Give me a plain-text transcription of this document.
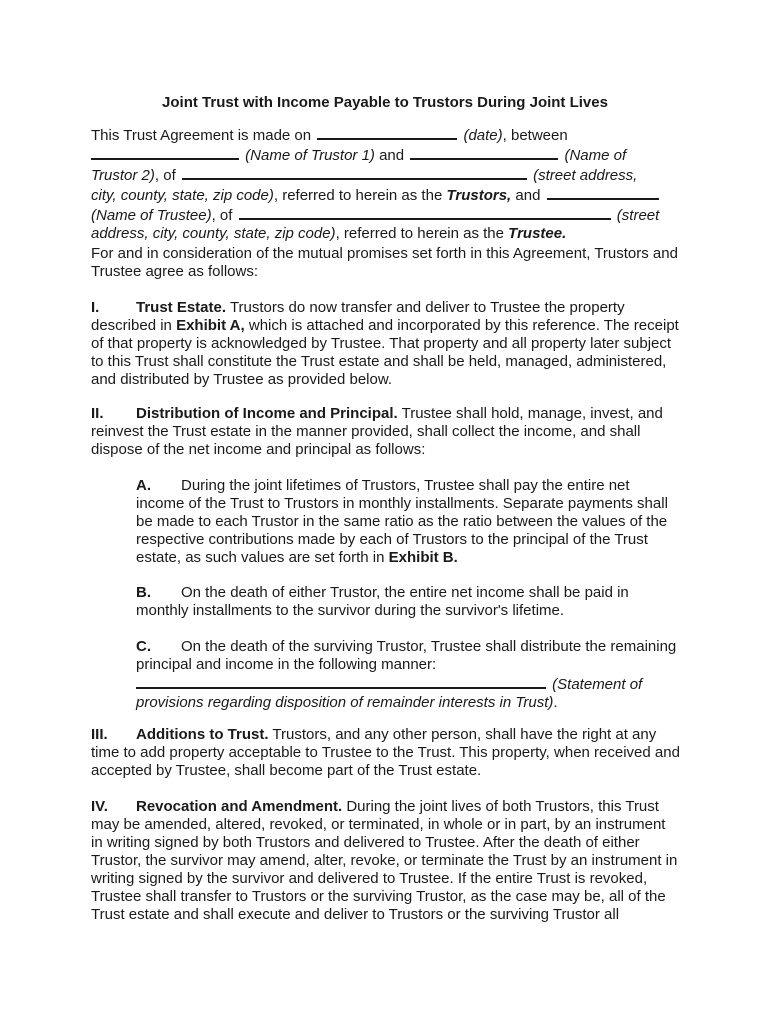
Joint Trust with Income Payable to Trustors During Joint Lives
This Trust Agreement is made on	(date), between
(Name of Trustor 1) and	(Name of
Trustor 2), of	(street address,
city, county, state, zip code), referred to herein as the Trustors, and
(Name of Trustee), of	(street
address, city, county, state, zip code), referred to herein as the Trustee.
For and in consideration of the mutual promises set forth in this Agreement, Trustors and Trustee agree as follows:
I. Trust Estate. Trustors do now transfer and deliver to Trustee the property described in Exhibit A, which is attached and incorporated by this reference. The receipt of that property is acknowledged by Trustee. That property and all property later subject to this Trust shall constitute the Trust estate and shall be held, managed, administered, and distributed by Trustee as provided below.
II. Distribution of Income and Principal. Trustee shall hold, manage, invest, and reinvest the Trust estate in the manner provided, shall collect the income, and shall dispose of the net income and principal as follows:
A. During the joint lifetimes of Trustors, Trustee shall pay the entire net income of the Trust to Trustors in monthly installments. Separate payments shall be made to each Trustor in the same ratio as the ratio between the values of the respective contributions made by each of Trustors to the principal of the Trust estate, as such values are set forth in Exhibit B.
B. On the death of either Trustor, the entire net income shall be paid in monthly installments to the survivor during the survivor's lifetime.
C. On the death of the surviving Trustor, Trustee shall distribute the remaining principal and income in the following manner:
(Statement of
provisions regarding disposition of remainder interests in Trust).
III. Additions to Trust. Trustors, and any other person, shall have the right at any time to add property acceptable to Trustee to the Trust. This property, when received and accepted by Trustee, shall become part of the Trust estate.
IV. Revocation and Amendment. During the joint lives of both Trustors, this Trust may be amended, altered, revoked, or terminated, in whole or in part, by an instrument in writing signed by both Trustors and delivered to Trustee. After the death of either Trustor, the survivor may amend, alter, revoke, or terminate the Trust by an instrument in writing signed by the survivor and delivered to Trustee. If the entire Trust is revoked, Trustee shall transfer to Trustors or the surviving Trustor, as the case may be, all of the Trust estate and shall execute and deliver to Trustors or the surviving Trustor all
